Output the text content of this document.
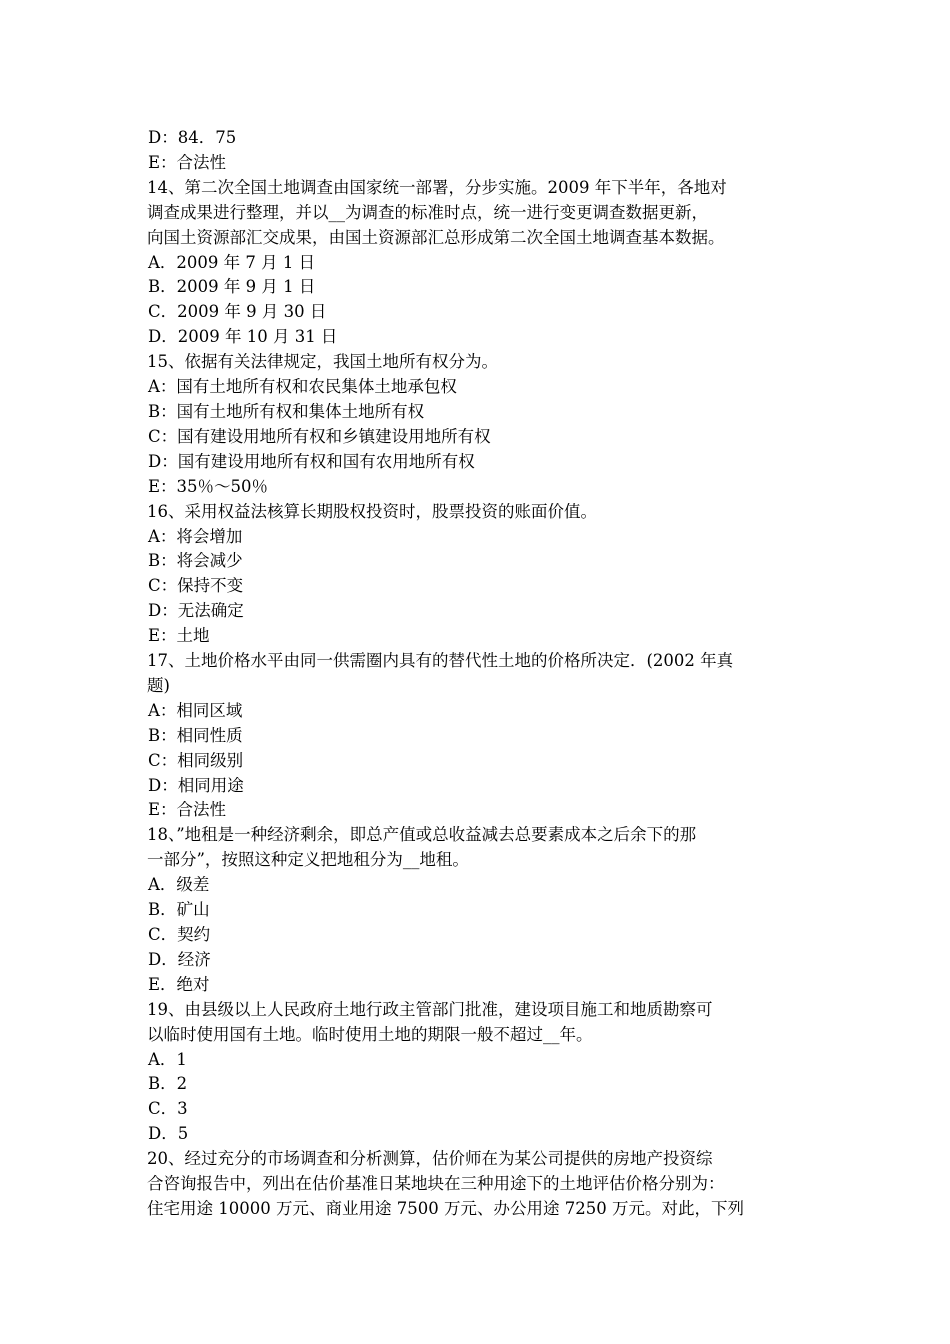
D：84．75
E：合法性
14、第二次全国土地调查由国家统一部署，分步实施。2009 年下半年，各地对
调查成果进行整理，并以__为调查的标准时点，统一进行变更调查数据更新，
向国土资源部汇交成果，由国土资源部汇总形成第二次全国土地调查基本数据。
A．2009 年 7 月 1 日
B．2009 年 9 月 1 日
C．2009 年 9 月 30 日
D．2009 年 10 月 31 日
15、依据有关法律规定，我国土地所有权分为。
A：国有土地所有权和农民集体土地承包权
B：国有土地所有权和集体土地所有权
C：国有建设用地所有权和乡镇建设用地所有权
D：国有建设用地所有权和国有农用地所有权
E：35％～50％
16、采用权益法核算长期股权投资时，股票投资的账面价值。
A：将会增加
B：将会减少
C：保持不变
D：无法确定
E：土地
17、土地价格水平由同一供需圈内具有的替代性土地的价格所决定．(2002 年真
题)
A：相同区域
B：相同性质
C：相同级别
D：相同用途
E：合法性
18、”地租是一种经济剩余，即总产值或总收益减去总要素成本之后余下的那
一部分”，按照这种定义把地租分为__地租。
A．级差
B．矿山
C．契约
D．经济
E．绝对
19、由县级以上人民政府土地行政主管部门批准，建设项目施工和地质勘察可
以临时使用国有土地。临时使用土地的期限一般不超过__年。
A．1
B．2
C．3
D．5
20、经过充分的市场调查和分析测算，估价师在为某公司提供的房地产投资综
合咨询报告中，列出在估价基准日某地块在三种用途下的土地评估价格分别为：
住宅用途 10000 万元、商业用途 7500 万元、办公用途 7250 万元。对此，下列
